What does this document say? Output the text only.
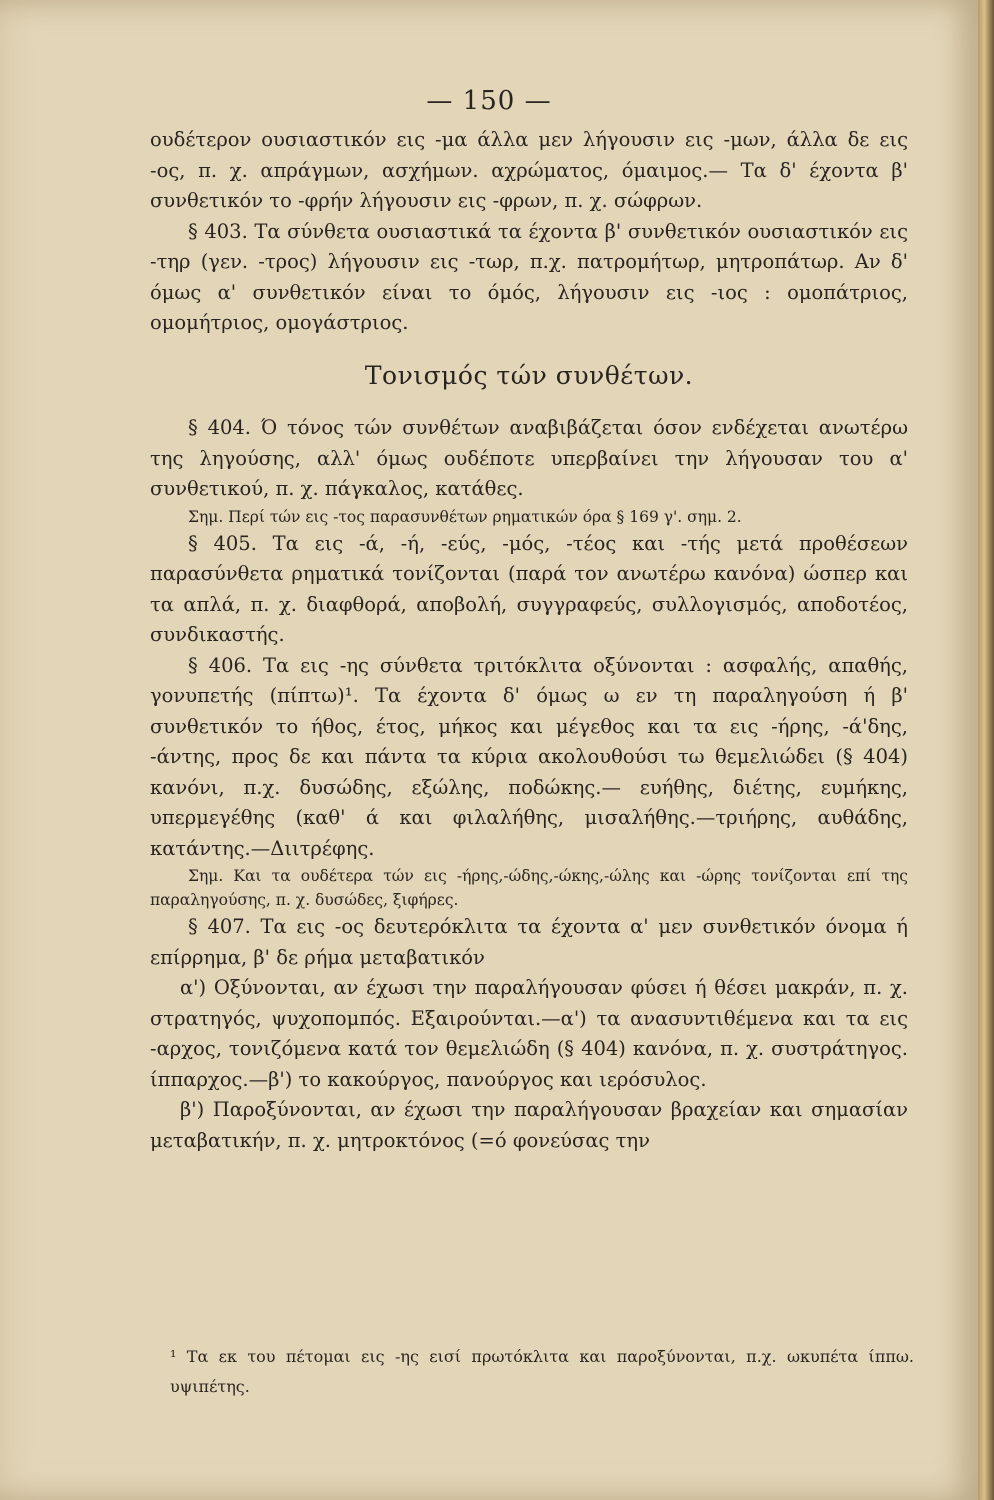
— 150 —

ουδέτερον ουσιαστικόν εις -μα άλλα μεν λήγουσιν εις -μων, άλλα δε εις -ος, π. χ. απράγμων, ασχήμων. αχρώματος, όμαιμος.— Τα δ' έχοντα β' συνθετικόν το -φρήν λήγουσιν εις -φρων, π. χ. σώφρων.

§ 403. Τα σύνθετα ουσιαστικά τα έχοντα β' συνθετικόν ουσιαστικόν εις -τηρ (γεν. -τρος) λήγουσιν εις -τωρ, π.χ. πατρομήτωρ, μητροπάτωρ. Αν δ' όμως α' συνθετικόν είναι το όμός, λήγουσιν εις -ιος : ομοπάτριος, ομομήτριος, ομογάστριος.

Τονισμός τών συνθέτων.

§ 404. Ό τόνος τών συνθέτων αναβιβάζεται όσον ενδέχεται ανωτέρω της ληγούσης, αλλ' όμως ουδέποτε υπερβαίνει την λήγουσαν του α' συνθετικού, π. χ. πάγκαλος, κατάθες.

Σημ. Περί τών εις -τος παρασυνθέτων ρηματικών όρα § 169 γ'. σημ. 2.

§ 405. Τα εις -ά, -ή, -εύς, -μός, -τέος και -τής μετά προθέσεων παρασύνθετα ρηματικά τονίζονται (παρά τον ανωτέρω κανόνα) ώσπερ και τα απλά, π. χ. διαφθορά, αποβολή, συγγραφεύς, συλλογισμός, αποδοτέος, συνδικαστής.

§ 406. Τα εις -ης σύνθετα τριτόκλιτα οξύνονται : ασφαλής, απαθής, γονυπετής (πίπτω)¹. Τα έχοντα δ' όμως ω εν τη παραληγούση ή β' συνθετικόν το ήθος, έτος, μήκος και μέγεθος και τα εις -ήρης, -ά'δης, -άντης, προς δε και πάντα τα κύρια ακολουθούσι τω θεμελιώδει (§ 404) κανόνι, π.χ. δυσώδης, εξώλης, ποδώκης.— ευήθης, διέτης, ευμήκης, υπερμεγέθης (καθ' ά και φιλαλήθης, μισαλήθης.—τριήρης, αυθάδης, κατάντης.—Διιτρέφης.

Σημ. Και τα ουδέτερα τών εις -ήρης,-ώδης,-ώκης,-ώλης και -ώρης τονίζονται επί της παραληγούσης, π. χ. δυσώδες, ξιφήρες.

§ 407. Τα εις -ος δευτερόκλιτα τα έχοντα α' μεν συνθετικόν όνομα ή επίρρημα, β' δε ρήμα μεταβατικόν

α') Οξύνονται, αν έχωσι την παραλήγουσαν φύσει ή θέσει μακράν, π. χ. στρατηγός, ψυχοπομπός. Εξαιρούνται.—α') τα ανασυντιθέμενα και τα εις -αρχος, τονιζόμενα κατά τον θεμελιώδη (§ 404) κανόνα, π. χ. συστράτηγος. ίππαρχος.—β') το κακούργος, πανούργος και ιερόσυλος.

β') Παροξύνονται, αν έχωσι την παραλήγουσαν βραχείαν και σημασίαν μεταβατικήν, π. χ. μητροκτόνος (=ό φονεύσας την

¹ Τα εκ του πέτομαι εις -ης εισί πρωτόκλιτα και παροξύνονται, π.χ. ωκυπέτα ίππω. υψιπέτης.
